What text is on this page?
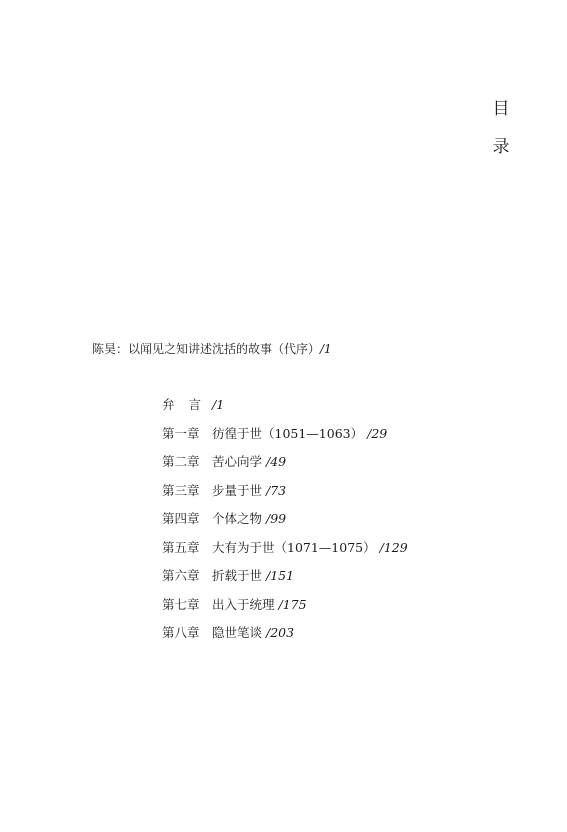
目
录
陈昊：以闻见之知讲述沈括的故事（代序）/1
弁言/1
第一章 彷徨于世（1051—1063） /29
第二章 苦心向学 /49
第三章 步量于世 /73
第四章 个体之物 /99
第五章 大有为于世（1071—1075） /129
第六章 折载于世 /151
第七章 出入于统理 /175
第八章 隐世笔谈 /203
